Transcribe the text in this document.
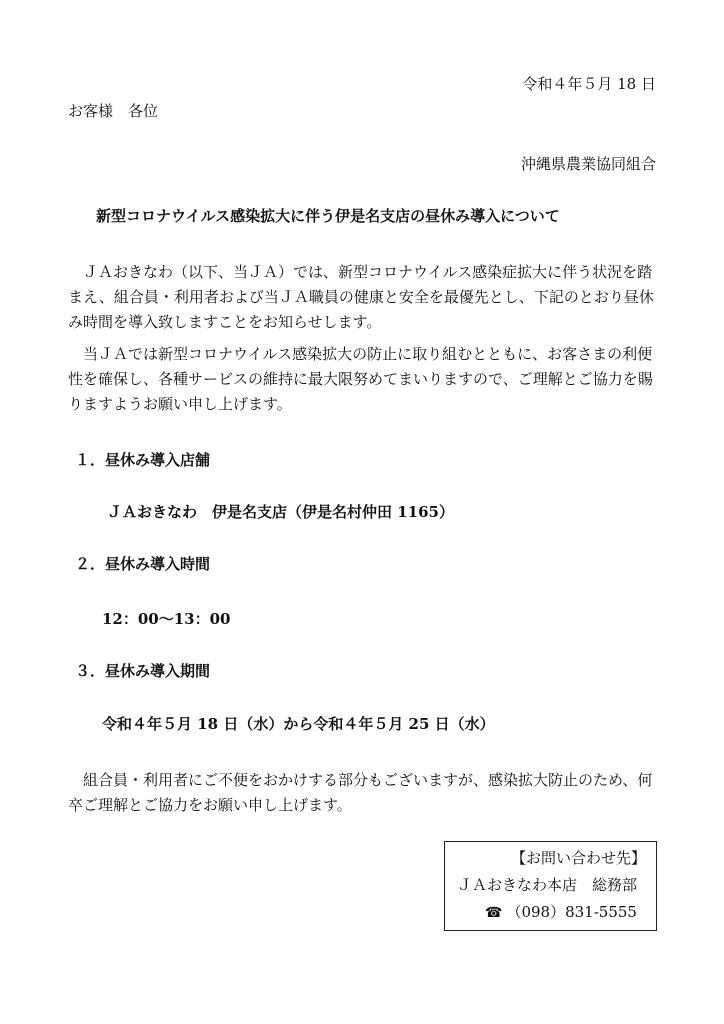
令和４年５月 18 日
お客様　各位
沖縄県農業協同組合
新型コロナウイルス感染拡大に伴う伊是名支店の昼休み導入について
ＪＡおきなわ（以下、当ＪＡ）では、新型コロナウイルス感染症拡大に伴う状況を踏まえ、組合員・利用者および当ＪＡ職員の健康と安全を最優先とし、下記のとおり昼休み時間を導入致しますことをお知らせします。
当ＪＡでは新型コロナウイルス感染拡大の防止に取り組むとともに、お客さまの利便性を確保し、各種サービスの維持に最大限努めてまいりますので、ご理解とご協力を賜りますようお願い申し上げます。
１．昼休み導入店舗
ＪＡおきなわ　伊是名支店（伊是名村仲田 1165）
２．昼休み導入時間
12：00〜13：00
３．昼休み導入期間
令和４年５月 18 日（水）から令和４年５月 25 日（水）
組合員・利用者にご不便をおかけする部分もございますが、感染拡大防止のため、何卒ご理解とご協力をお願い申し上げます。
【お問い合わせ先】
ＪＡおきなわ本店　総務部
☎ （098）831-5555
